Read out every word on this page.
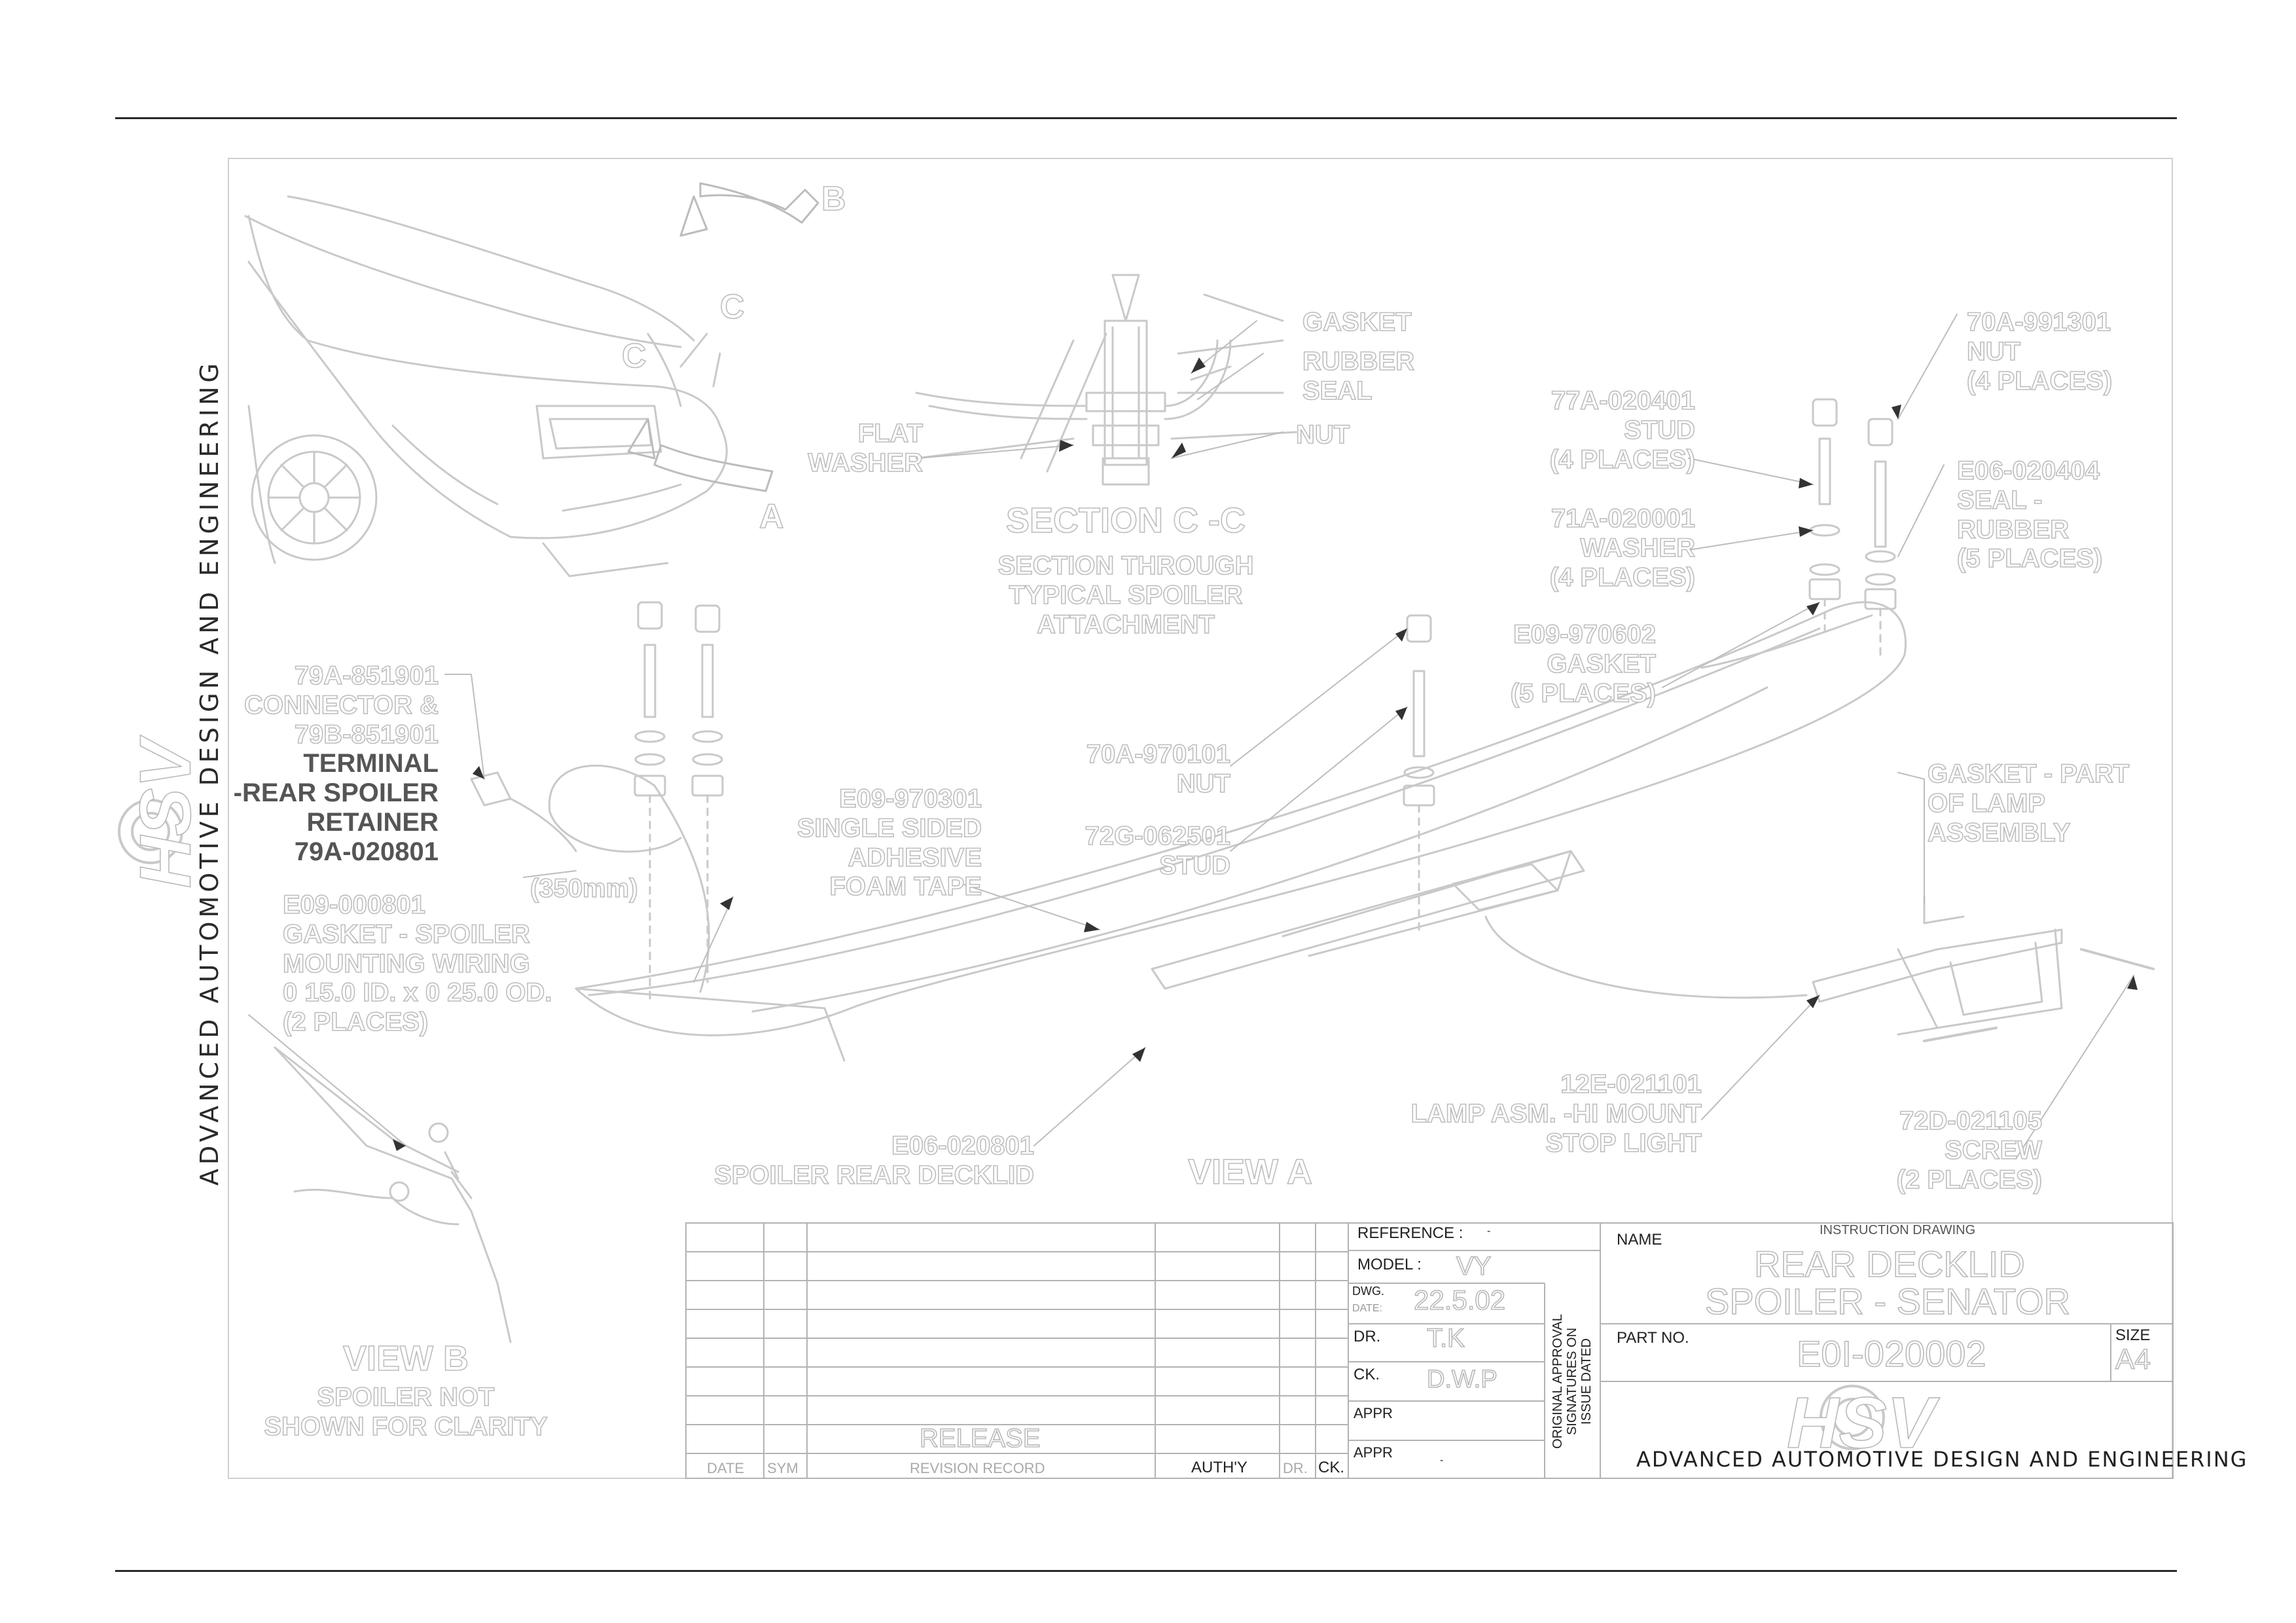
ADVANCED AUTOMOTIVE DESIGN AND ENGINEERING
HSV
HSV
B
C
C
A
GASKET
RUBBER
SEAL
NUT
FLAT
WASHER
SECTION C -C
SECTION THROUGH
TYPICAL SPOILER
ATTACHMENT
70A-991301
NUT
(4 PLACES)
77A-020401
STUD
(4 PLACES)
71A-020001
WASHER
(4 PLACES)
E06-020404
SEAL -
RUBBER
(5 PLACES)
E09-970602
GASKET
(5 PLACES)
79A-851901
CONNECTOR &
79B-851901
TERMINAL
-REAR SPOILER
RETAINER
79A-020801
70A-970101
NUT
E09-970301
SINGLE SIDED
ADHESIVE
FOAM TAPE
72G-062501
STUD
GASKET - PART
OF LAMP
ASSEMBLY
(350mm)
E09-000801
GASKET - SPOILER
MOUNTING WIRING
0 15.0 ID. x 0 25.0 OD.
(2 PLACES)
12E-021101
LAMP ASM. -HI MOUNT
STOP LIGHT
72D-021105
SCREW
(2 PLACES)
E06-020801
SPOILER REAR DECKLID	VIEW A
VIEW B
SPOILER NOT
SHOWN FOR CLARITY
REFERENCE : -
MODEL : VY
DWG.
DATE: 22.5.02
DR. T.K
CK. D.W.P
APPR
APPR	-
ORIGINAL APPROVAL SIGNATURES ON ISSUE DATED
NAME
INSTRUCTION DRAWING
REAR DECKLID
SPOILER - SENATOR
PART NO.	E0I-020002	SIZE
A4
ADVANCED AUTOMOTIVE DESIGN AND ENGINEERING
RELEASE
DATE SYM	REVISION RECORD	AUTH'Y DR. CK.
